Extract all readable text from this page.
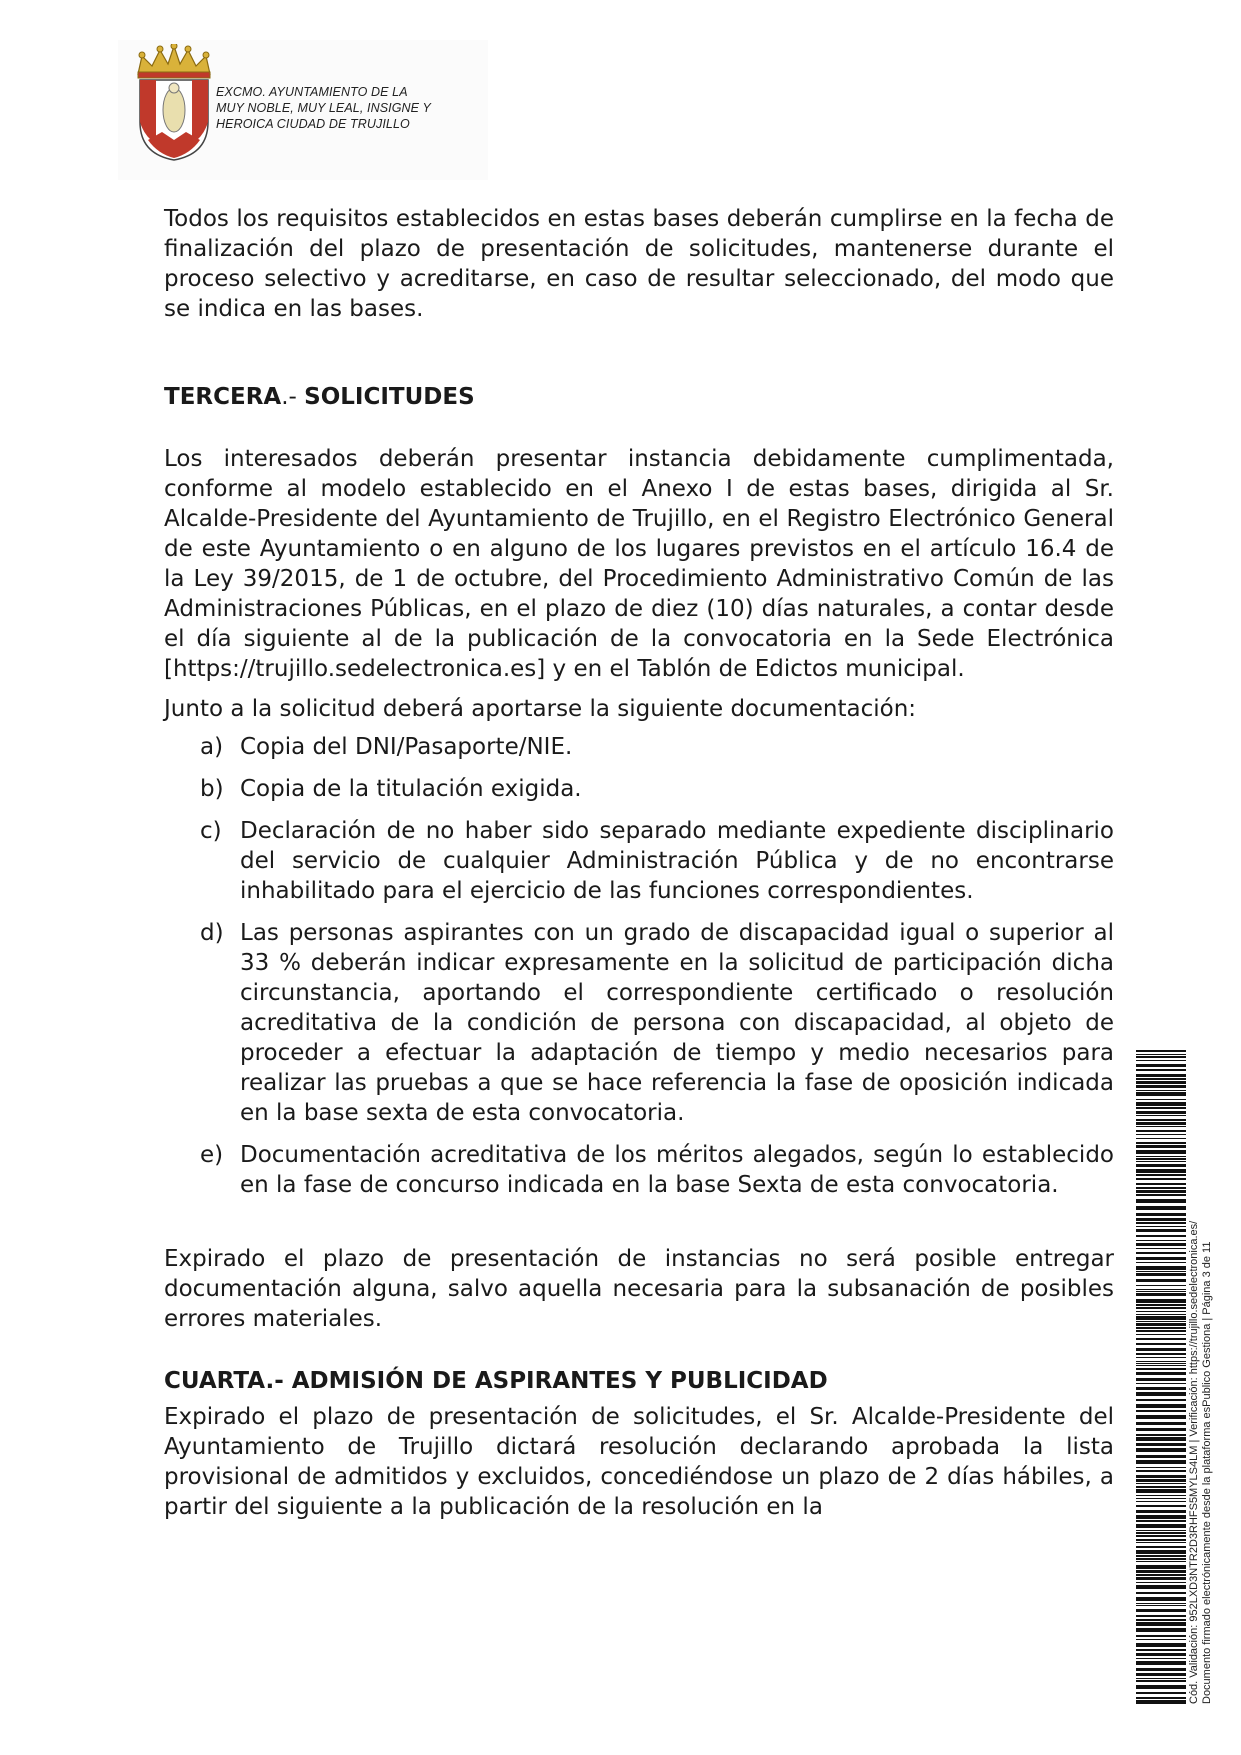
EXCMO. AYUNTAMIENTO DE LA
MUY NOBLE, MUY LEAL, INSIGNE Y
HEROICA CIUDAD DE TRUJILLO

Todos los requisitos establecidos en estas bases deberán cumplirse en la fecha de finalización del plazo de presentación de solicitudes, mantenerse durante el proceso selectivo y acreditarse, en caso de resultar seleccionado, del modo que se indica en las bases.

TERCERA.- SOLICITUDES

Los interesados deberán presentar instancia debidamente cumplimentada, conforme al modelo establecido en el Anexo I de estas bases, dirigida al Sr. Alcalde-Presidente del Ayuntamiento de Trujillo, en el Registro Electrónico General de este Ayuntamiento o en alguno de los lugares previstos en el artículo 16.4 de la Ley 39/2015, de 1 de octubre, del Procedimiento Administrativo Común de las Administraciones Públicas, en el plazo de diez (10) días naturales, a contar desde el día siguiente al de la publicación de la convocatoria en la Sede Electrónica [https://trujillo.sedelectronica.es] y en el Tablón de Edictos municipal.

Junto a la solicitud deberá aportarse la siguiente documentación:

a) Copia del DNI/Pasaporte/NIE.
b) Copia de la titulación exigida.
c) Declaración de no haber sido separado mediante expediente disciplinario del servicio de cualquier Administración Pública y de no encontrarse inhabilitado para el ejercicio de las funciones correspondientes.
d) Las personas aspirantes con un grado de discapacidad igual o superior al 33 % deberán indicar expresamente en la solicitud de participación dicha circunstancia, aportando el correspondiente certificado o resolución acreditativa de la condición de persona con discapacidad, al objeto de proceder a efectuar la adaptación de tiempo y medio necesarios para realizar las pruebas a que se hace referencia la fase de oposición indicada en la base sexta de esta convocatoria.
e) Documentación acreditativa de los méritos alegados, según lo establecido en la fase de concurso indicada en la base Sexta de esta convocatoria.

Expirado el plazo de presentación de instancias no será posible entregar documentación alguna, salvo aquella necesaria para la subsanación de posibles errores materiales.

CUARTA.- ADMISIÓN DE ASPIRANTES Y PUBLICIDAD

Expirado el plazo de presentación de solicitudes, el Sr. Alcalde-Presidente del Ayuntamiento de Trujillo dictará resolución declarando aprobada la lista provisional de admitidos y excluidos, concediéndose un plazo de 2 días hábiles, a partir del siguiente a la publicación de la resolución en la	Cód. Validación: 952LXD3NTR2D3RHFS5MYLS4LM | Verificación: https://trujillo.sedelectronica.es/ Documento firmado electrónicamente desde la plataforma esPublico Gestiona | Página 3 de 11
